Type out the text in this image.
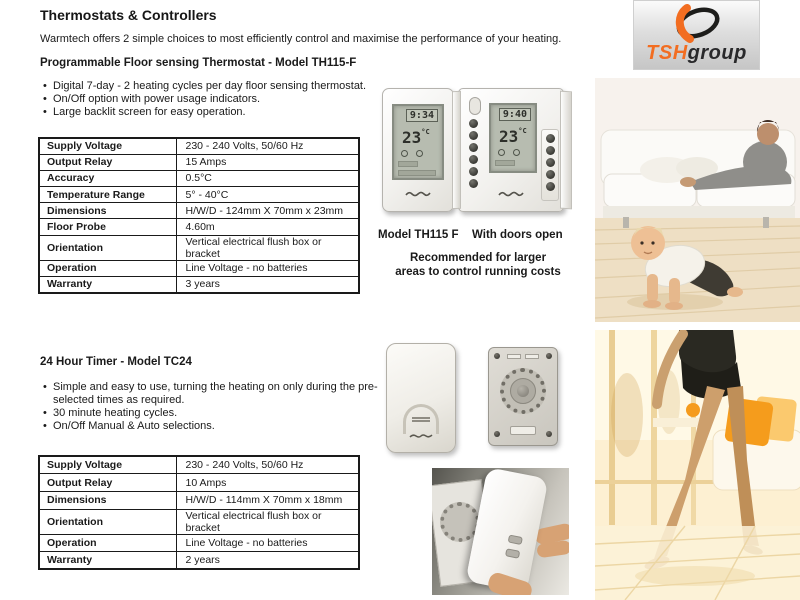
Thermostats & Controllers
Warmtech offers 2 simple choices to most efficiently control and maximise the performance of your heating.
Programmable Floor sensing Thermostat - Model TH115-F
• Digital 7-day - 2 heating cycles per day floor sensing thermostat.
• On/Off option with power usage indicators.
• Large backlit screen for easy operation.
Supply Voltage	230 - 240 Volts, 50/60 Hz
Output Relay	15 Amps
Accuracy	0.5°C
Temperature Range	5° - 40°C
Dimensions	H/W/D - 124mm X 70mm x 23mm
Floor Probe	4.60m
Orientation	Vertical electrical flush box or bracket
Operation	Line Voltage - no batteries
Warranty	3 years
9:34
$23^{^\circ C}$
9:40
$23^{^\circ C}$
Model TH115 F With doors open
Recommended for larger
areas to control running costs
24 Hour Timer - Model TC24
• Simple and easy to use, turning the heating on only during the pre-selected times as required.
• 30 minute heating cycles.
• On/Off Manual & Auto selections.
Supply Voltage	230 - 240 Volts, 50/60 Hz
Output Relay	10 Amps
Dimensions	H/W/D - 114mm X 70mm x 18mm
Orientation	Vertical electrical flush box or bracket
Operation	Line Voltage - no batteries
Warranty	2 years
TSHgroup
